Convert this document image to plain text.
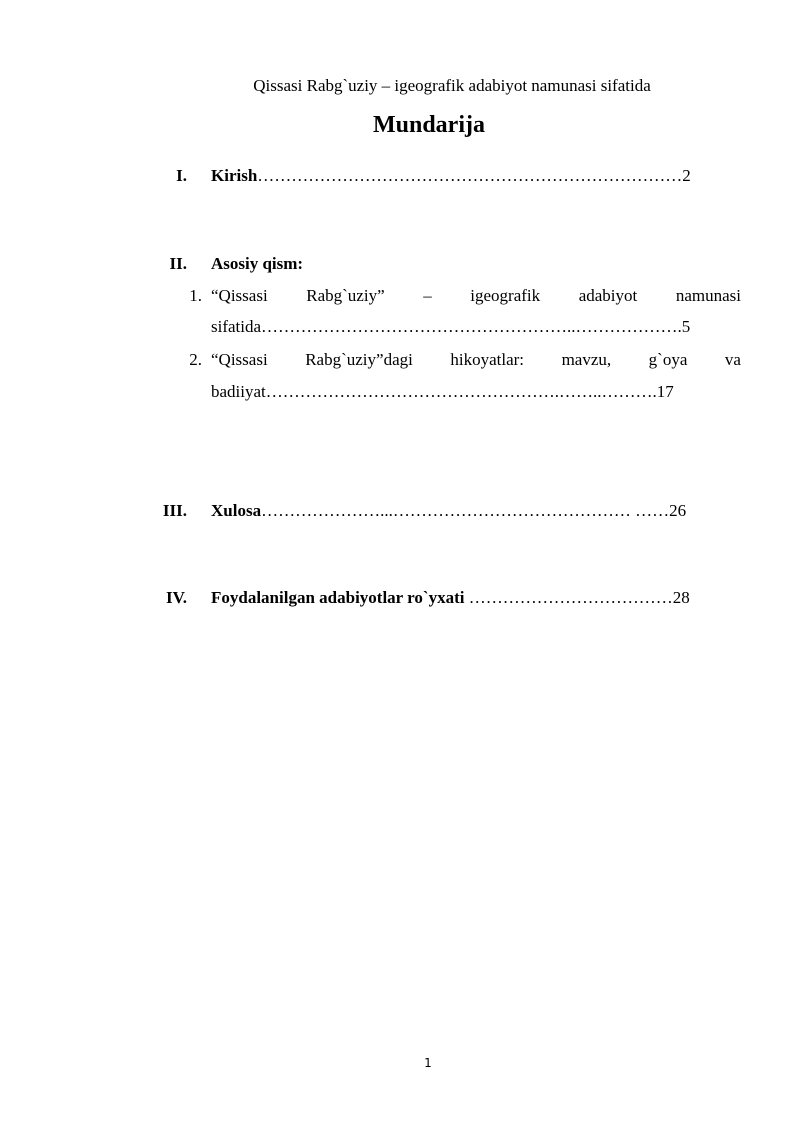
Qissasi Rabg`uziy – igeografik adabiyot namunasi sifatida
Mundarija
I. Kirish…………………………………………………………………2
II. Asosiy qism:
1. “Qissasi Rabg`uziy” – igeografik adabiyot namunasi
sifatida………………………………………………..……………….5
2. “Qissasi Rabg`uziy”dagi hikoyatlar: mavzu, g`oya va
badiiyat…………………………………………….……..……….17
III. Xulosa…………………...…………………………………… ……26
IV. Foydalanilgan adabiyotlar ro`yxati ………………………………28
1
